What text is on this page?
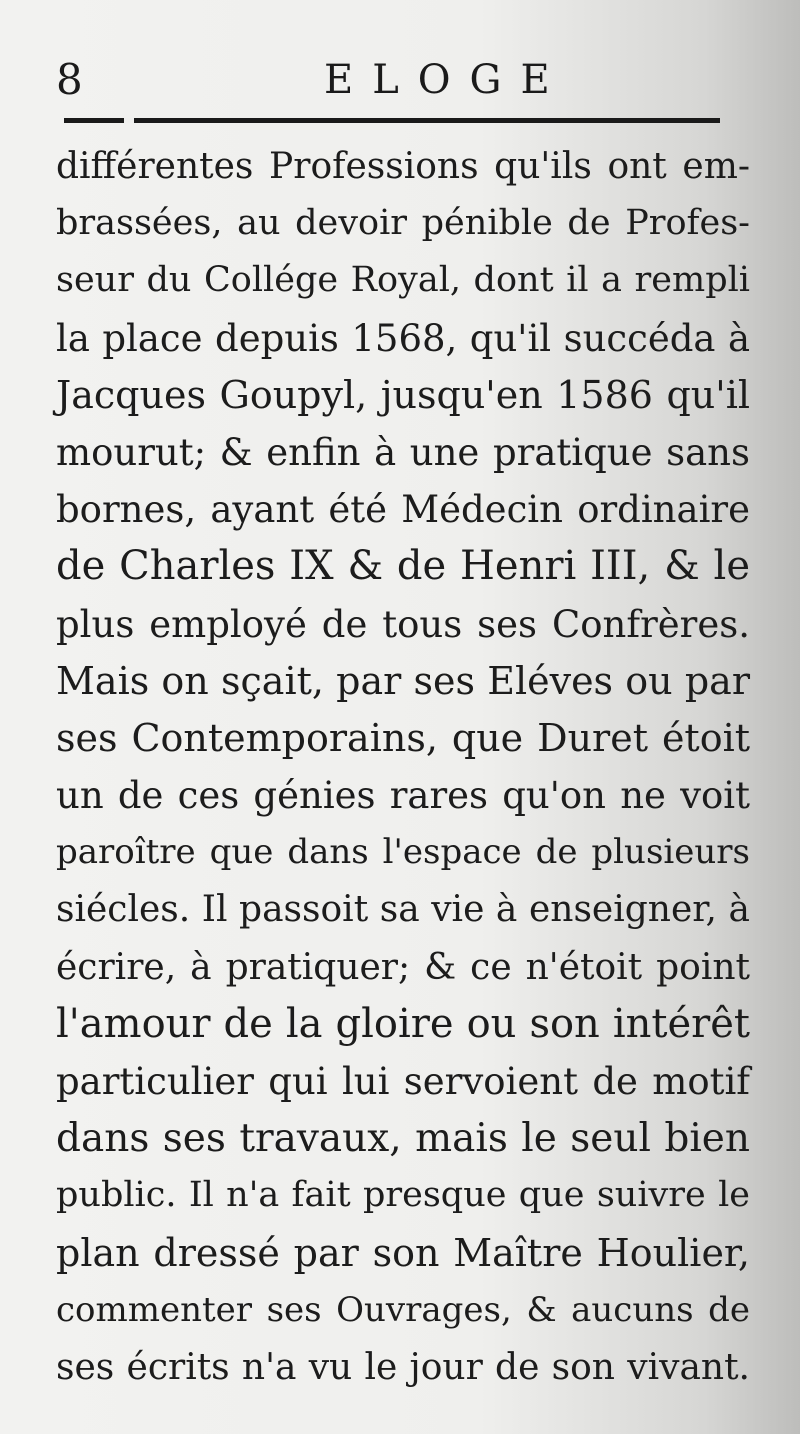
8	ELOGE
différentes Professions qu'ils ont em-
brassées, au devoir pénible de Profes-
seur du Collége Royal, dont il a rempli
la place depuis 1568, qu'il succéda à
Jacques Goupyl, jusqu'en 1586 qu'il
mourut; & enfin à une pratique sans
bornes, ayant été Médecin ordinaire
de Charles IX & de Henri III, & le
plus employé de tous ses Confrères.
Mais on sçait, par ses Eléves ou par
ses Contemporains, que Duret étoit
un de ces génies rares qu'on ne voit
paroître que dans l'espace de plusieurs
siécles. Il passoit sa vie à enseigner, à
écrire, à pratiquer; & ce n'étoit point
l'amour de la gloire ou son intérêt
particulier qui lui servoient de motif
dans ses travaux, mais le seul bien
public. Il n'a fait presque que suivre le
plan dressé par son Maître Houlier,
commenter ses Ouvrages, & aucuns de
ses écrits n'a vu le jour de son vivant.
